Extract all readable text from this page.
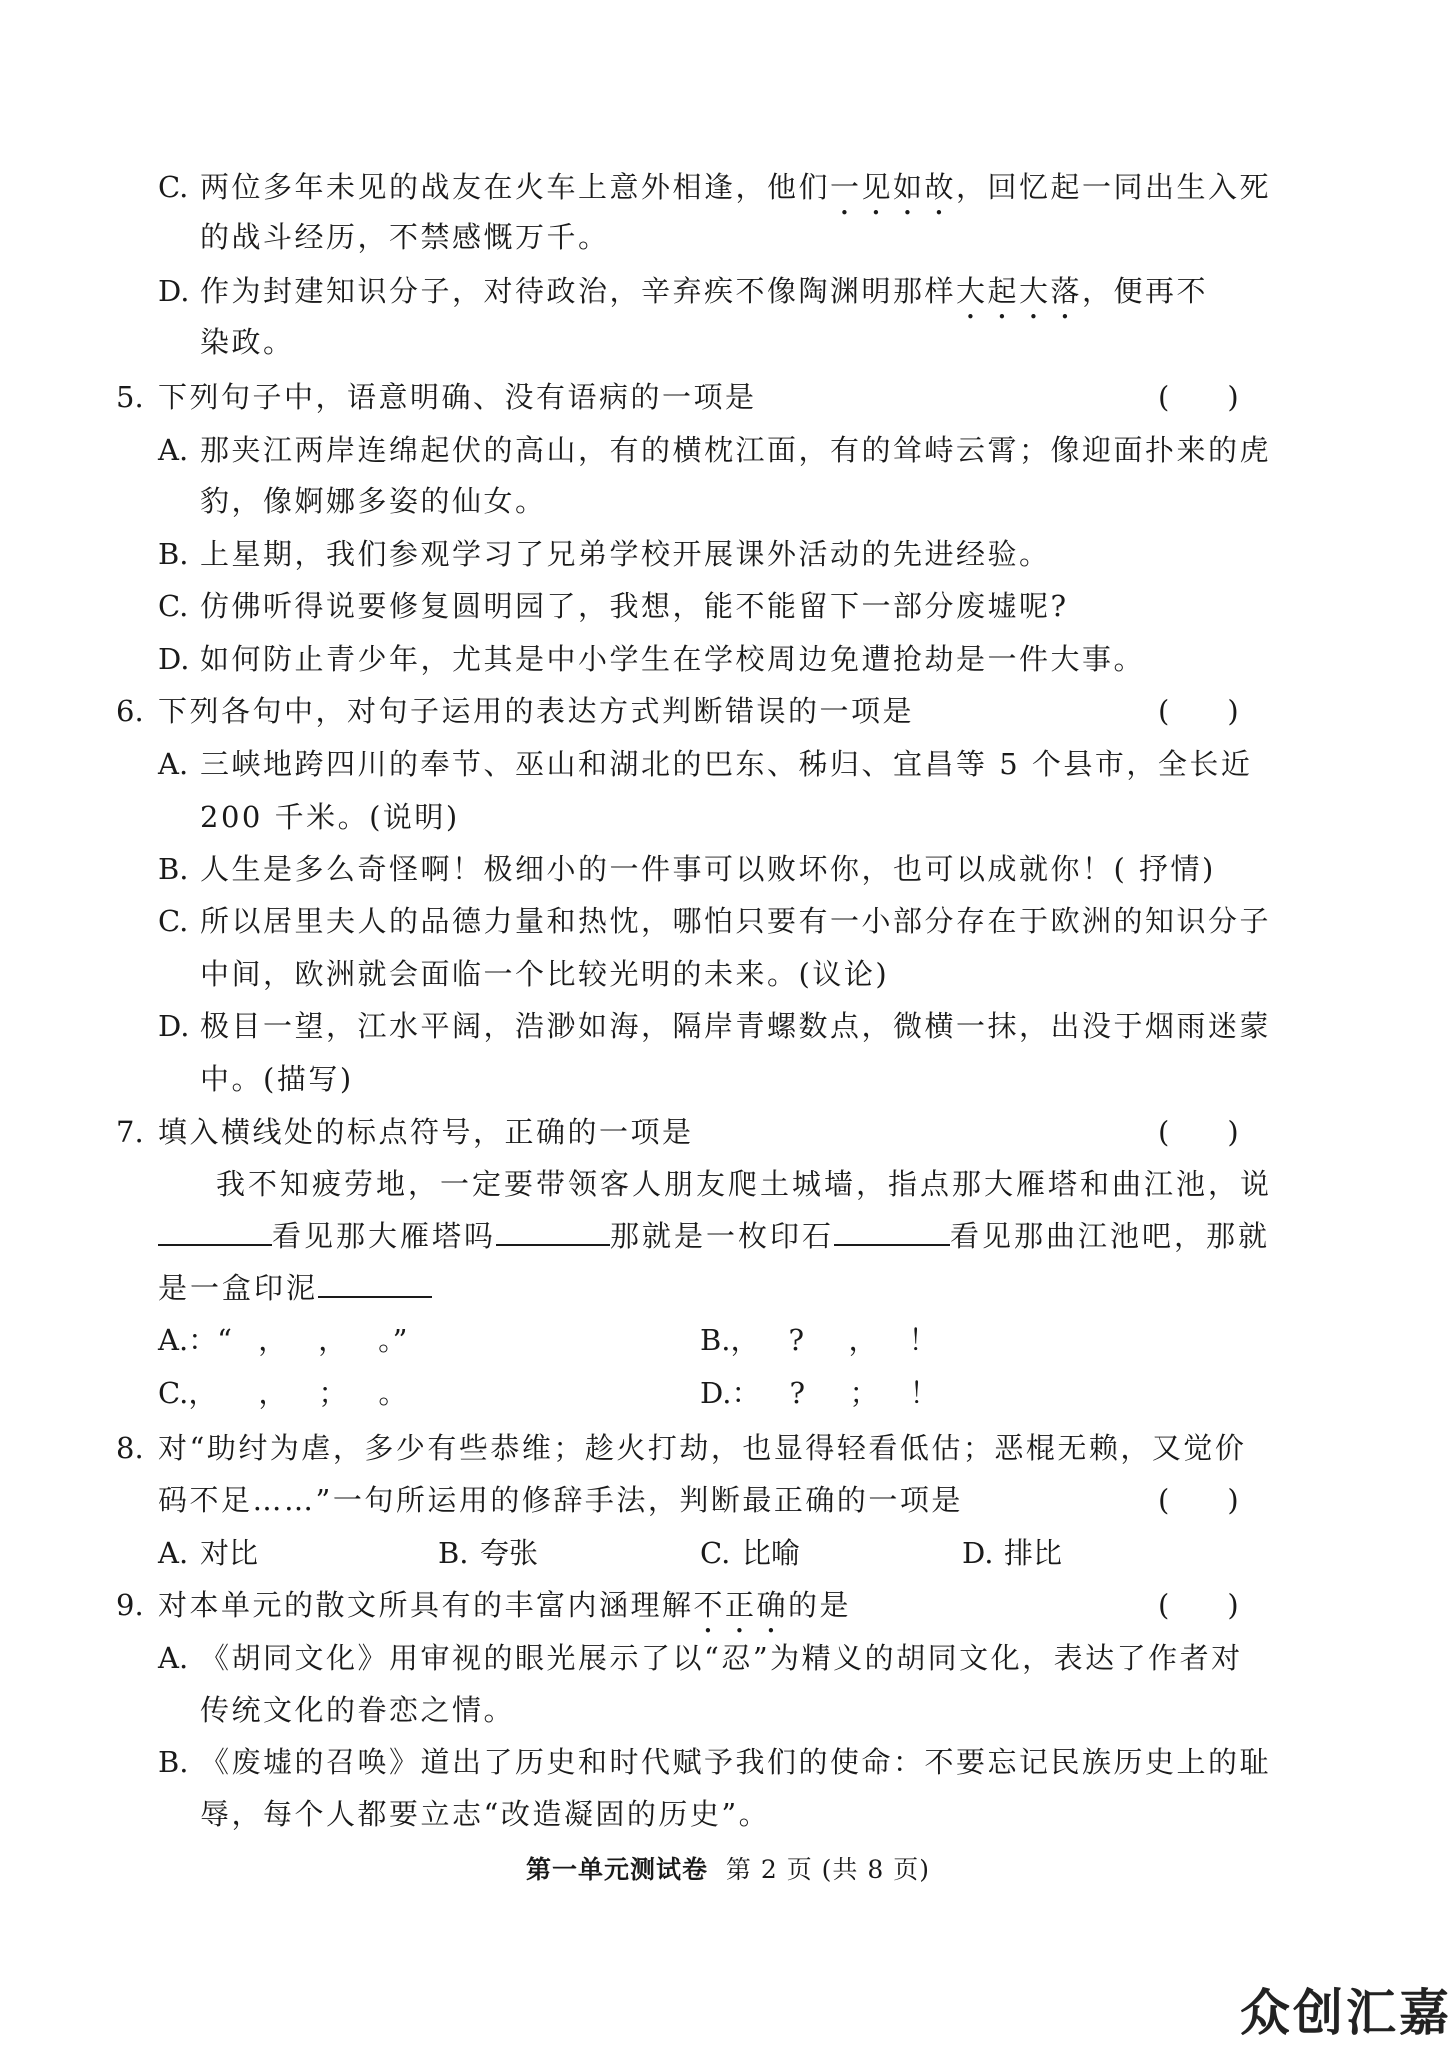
C. 两位多年未见的战友在火车上意外相逢，他们一见如故，回忆起一同出生入死
的战斗经历，不禁感慨万千。
D. 作为封建知识分子，对待政治，辛弃疾不像陶渊明那样大起大落，便再不
染政。
5. 下列句子中，语意明确、没有语病的一项是	(　　)
A. 那夹江两岸连绵起伏的高山，有的横枕江面，有的耸峙云霄；像迎面扑来的虎
豹，像婀娜多姿的仙女。
B. 上星期，我们参观学习了兄弟学校开展课外活动的先进经验。
C. 仿佛听得说要修复圆明园了，我想，能不能留下一部分废墟呢?
D. 如何防止青少年，尤其是中小学生在学校周边免遭抢劫是一件大事。
6. 下列各句中，对句子运用的表达方式判断错误的一项是	(　　)
A. 三峡地跨四川的奉节、巫山和湖北的巴东、秭归、宜昌等 5 个县市，全长近
200 千米。(说明)
B. 人生是多么奇怪啊！极细小的一件事可以败坏你，也可以成就你！( 抒情)
C. 所以居里夫人的品德力量和热忱，哪怕只要有一小部分存在于欧洲的知识分子
中间，欧洲就会面临一个比较光明的未来。(议论)
D. 极目一望，江水平阔，浩渺如海，隔岸青螺数点，微横一抹，出没于烟雨迷蒙
中。(描写)
7. 填入横线处的标点符号，正确的一项是	(　　)
我不知疲劳地，一定要带领客人朋友爬土城墙，指点那大雁塔和曲江池，说
看见那大雁塔吗	那就是一枚印石	看见那曲江池吧，那就
是一盒印泥
A.：“ ， ， 。”	B.， ? ， ！
C.， ， ； 。	D.： ? ； ！
8. 对“助纣为虐，多少有些恭维；趁火打劫，也显得轻看低估；恶棍无赖，又觉价
码不足……”一句所运用的修辞手法，判断最正确的一项是	(　　)
A. 对比	B. 夸张	C. 比喻	D. 排比
9. 对本单元的散文所具有的丰富内涵理解不正确的是	(　　)
A. 《胡同文化》用审视的眼光展示了以“忍”为精义的胡同文化，表达了作者对
传统文化的眷恋之情。
B. 《废墟的召唤》道出了历史和时代赋予我们的使命：不要忘记民族历史上的耻
辱，每个人都要立志“改造凝固的历史”。
第一单元测试卷 第 2 页 (共 8 页)
众创汇嘉
